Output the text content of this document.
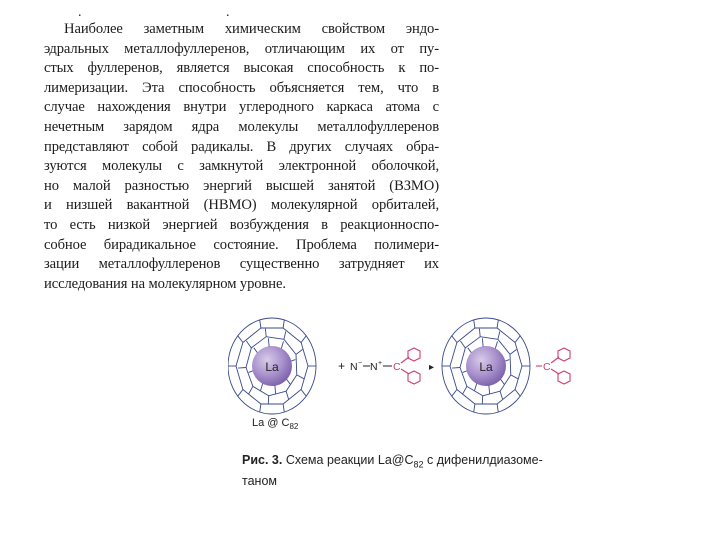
.	.
Наиболее заметным химическим свойством эндо-
эдральных металлофуллеренов, отличающим их от пу-
стых фуллеренов, является высокая способность к по-
лимеризации. Эта способность объясняется тем, что в
случае нахождения внутри углеродного каркаса атома с
нечетным зарядом ядра молекулы металлофуллеренов
представляют собой радикалы. В других случаях обра-
зуются молекулы с замкнутой электронной оболочкой,
но малой разностью энергий высшей занятой (ВЗМО)
и низшей вакантной (НВМО) молекулярной орбиталей,
то есть низкой энергией возбуждения в реакционноспо-
собное бирадикальное состояние. Проблема полимери-
зации металлофуллеренов существенно затрудняет их
исследования на молекулярном уровне.
La
La @ $C_{82}$
+ N − N + C	▸	La	C
Рис. 3. Схема реакции $La@C_{82}$ с дифенилдиазоме-
таном
